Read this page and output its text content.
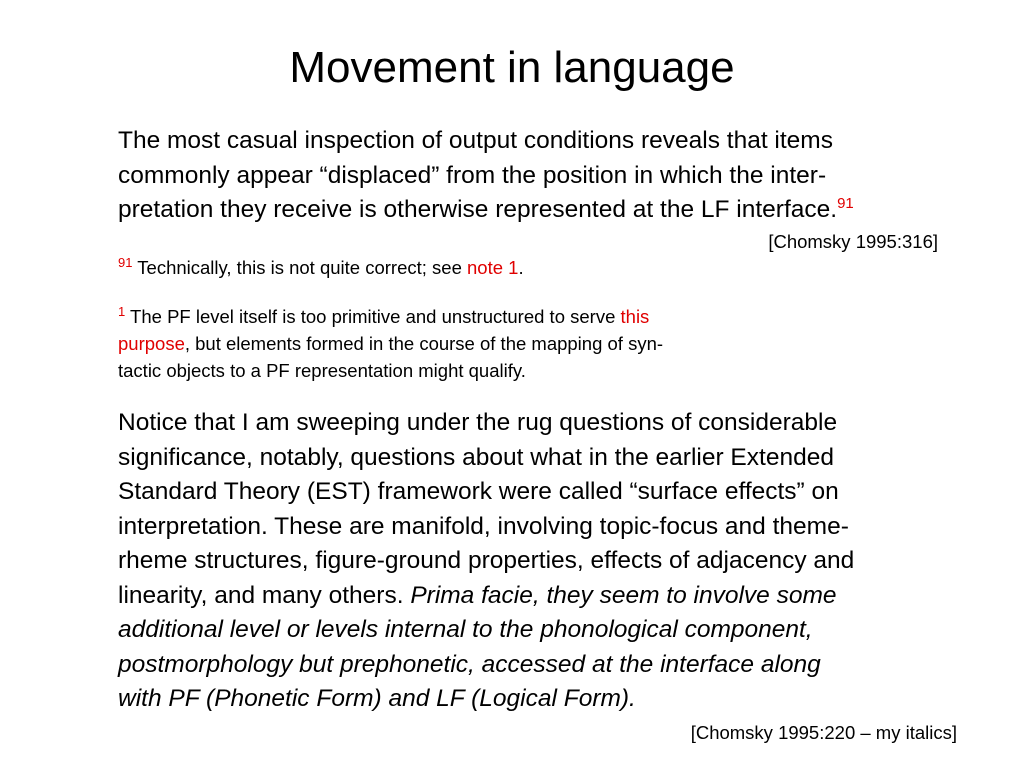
Movement in language
The most casual inspection of output conditions reveals that items
commonly appear “displaced” from the position in which the inter-
pretation they receive is otherwise represented at the LF interface.$^{91}$
[Chomsky 1995:316]
$^{91}$ Technically, this is not quite correct; see note 1.
$^1$ The PF level itself is too primitive and unstructured to serve this
purpose, but elements formed in the course of the mapping of syn-
tactic objects to a PF representation might qualify.
Notice that I am sweeping under the rug questions of considerable
significance, notably, questions about what in the earlier Extended
Standard Theory (EST) framework were called “surface effects” on
interpretation. These are manifold, involving topic-focus and theme-
rheme structures, figure-ground properties, effects of adjacency and
linearity, and many others. Prima facie, they seem to involve some
additional level or levels internal to the phonological component,
postmorphology but prephonetic, accessed at the interface along
with PF (Phonetic Form) and LF (Logical Form).
[Chomsky 1995:220 – my italics]
